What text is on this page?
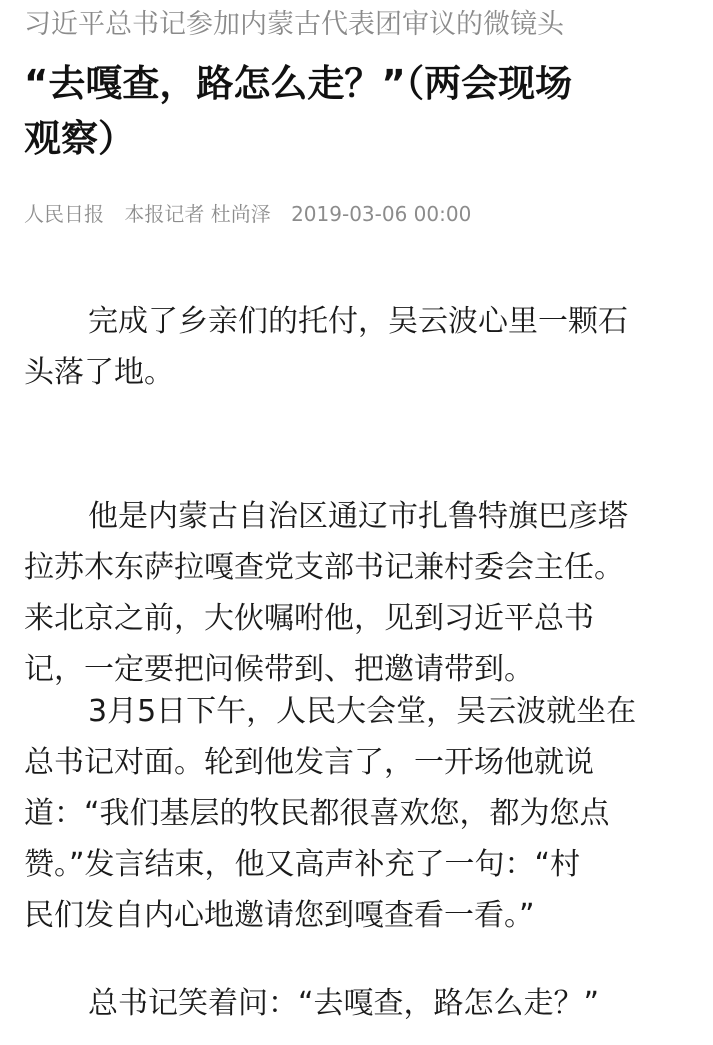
习近平总书记参加内蒙古代表团审议的微镜头
“去嘎查，路怎么走？”（两会现场
观察）
人民日报 本报记者 杜尚泽 2019-03-06 00:00

完成了乡亲们的托付，吴云波心里一颗石
头落了地。

他是内蒙古自治区通辽市扎鲁特旗巴彦塔
拉苏木东萨拉嘎查党支部书记兼村委会主任。
来北京之前，大伙嘱咐他，见到习近平总书
记，一定要把问候带到、把邀请带到。

3月5日下午，人民大会堂，吴云波就坐在
总书记对面。轮到他发言了，一开场他就说
道：“我们基层的牧民都很喜欢您，都为您点
赞。”发言结束，他又高声补充了一句：“村
民们发自内心地邀请您到嘎查看一看。”

总书记笑着问：“去嘎查，路怎么走？”
